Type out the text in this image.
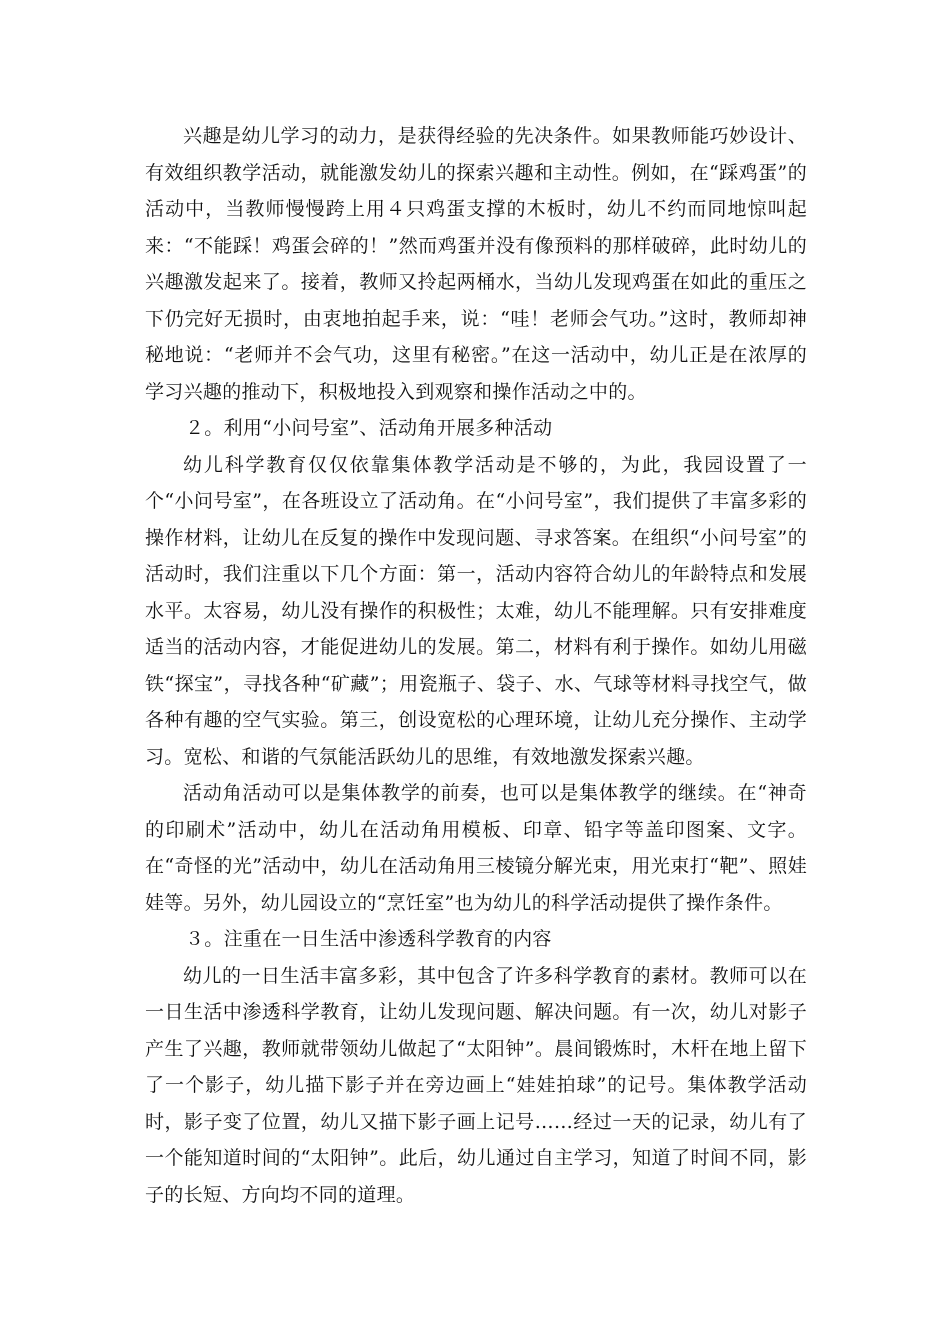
兴趣是幼儿学习的动力，是获得经验的先决条件。如果教师能巧妙设计、有效组织教学活动，就能激发幼儿的探索兴趣和主动性。例如，在“踩鸡蛋”的活动中，当教师慢慢跨上用４只鸡蛋支撑的木板时，幼儿不约而同地惊叫起来：“不能踩！鸡蛋会碎的！”然而鸡蛋并没有像预料的那样破碎，此时幼儿的兴趣激发起来了。接着，教师又拎起两桶水，当幼儿发现鸡蛋在如此的重压之下仍完好无损时，由衷地拍起手来，说：“哇！老师会气功。”这时，教师却神秘地说：“老师并不会气功，这里有秘密。”在这一活动中，幼儿正是在浓厚的学习兴趣的推动下，积极地投入到观察和操作活动之中的。

２。利用“小问号室”、活动角开展多种活动

幼儿科学教育仅仅依靠集体教学活动是不够的，为此，我园设置了一个“小问号室”，在各班设立了活动角。在“小问号室”，我们提供了丰富多彩的操作材料，让幼儿在反复的操作中发现问题、寻求答案。在组织“小问号室”的活动时，我们注重以下几个方面：第一，活动内容符合幼儿的年龄特点和发展水平。太容易，幼儿没有操作的积极性；太难，幼儿不能理解。只有安排难度适当的活动内容，才能促进幼儿的发展。第二，材料有利于操作。如幼儿用磁铁“探宝”，寻找各种“矿藏”；用瓷瓶子、袋子、水、气球等材料寻找空气，做各种有趣的空气实验。第三，创设宽松的心理环境，让幼儿充分操作、主动学习。宽松、和谐的气氛能活跃幼儿的思维，有效地激发探索兴趣。

活动角活动可以是集体教学的前奏，也可以是集体教学的继续。在“神奇的印刷术”活动中，幼儿在活动角用模板、印章、铅字等盖印图案、文字。在“奇怪的光”活动中，幼儿在活动角用三棱镜分解光束，用光束打“靶”、照娃娃等。另外，幼儿园设立的“烹饪室”也为幼儿的科学活动提供了操作条件。

３。注重在一日生活中渗透科学教育的内容

幼儿的一日生活丰富多彩，其中包含了许多科学教育的素材。教师可以在一日生活中渗透科学教育，让幼儿发现问题、解决问题。有一次，幼儿对影子产生了兴趣，教师就带领幼儿做起了“太阳钟”。晨间锻炼时，木杆在地上留下了一个影子，幼儿描下影子并在旁边画上“娃娃拍球”的记号。集体教学活动时，影子变了位置，幼儿又描下影子画上记号……经过一天的记录，幼儿有了一个能知道时间的“太阳钟”。此后，幼儿通过自主学习，知道了时间不同，影子的长短、方向均不同的道理。
